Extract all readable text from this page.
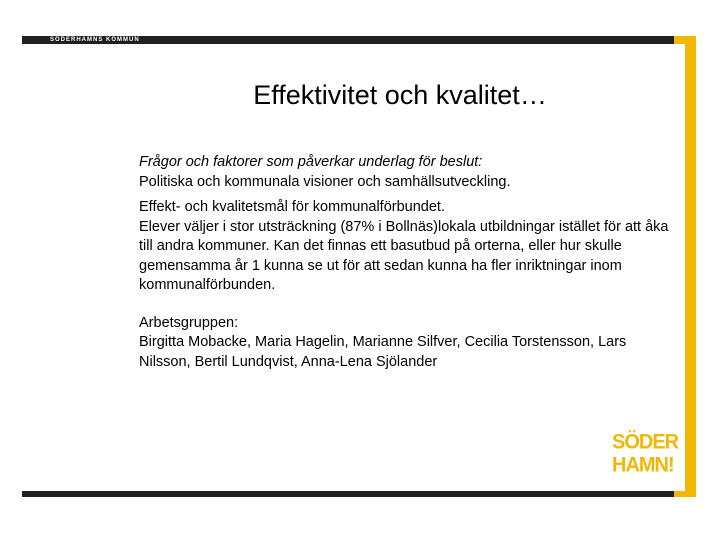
SÖDERHAMNS KOMMUN
Effektivitet och kvalitet…

Frågor och faktorer som påverkar underlag för beslut:

Politiska och kommunala visioner och samhällsutveckling.

Effekt- och kvalitetsmål för kommunalförbundet.

Elever väljer i stor utsträckning (87% i Bollnäs)lokala utbildningar istället för att åka till andra kommuner. Kan det finnas ett basutbud på orterna, eller hur skulle gemensamma år 1 kunna se ut för att sedan kunna ha fler inriktningar inom kommunalförbunden.

Arbetsgruppen:

Birgitta Mobacke, Maria Hagelin, Marianne Silfver, Cecilia Torstensson, Lars Nilsson, Bertil Lundqvist, Anna-Lena Sjölander

SÖDER
HAMN!
